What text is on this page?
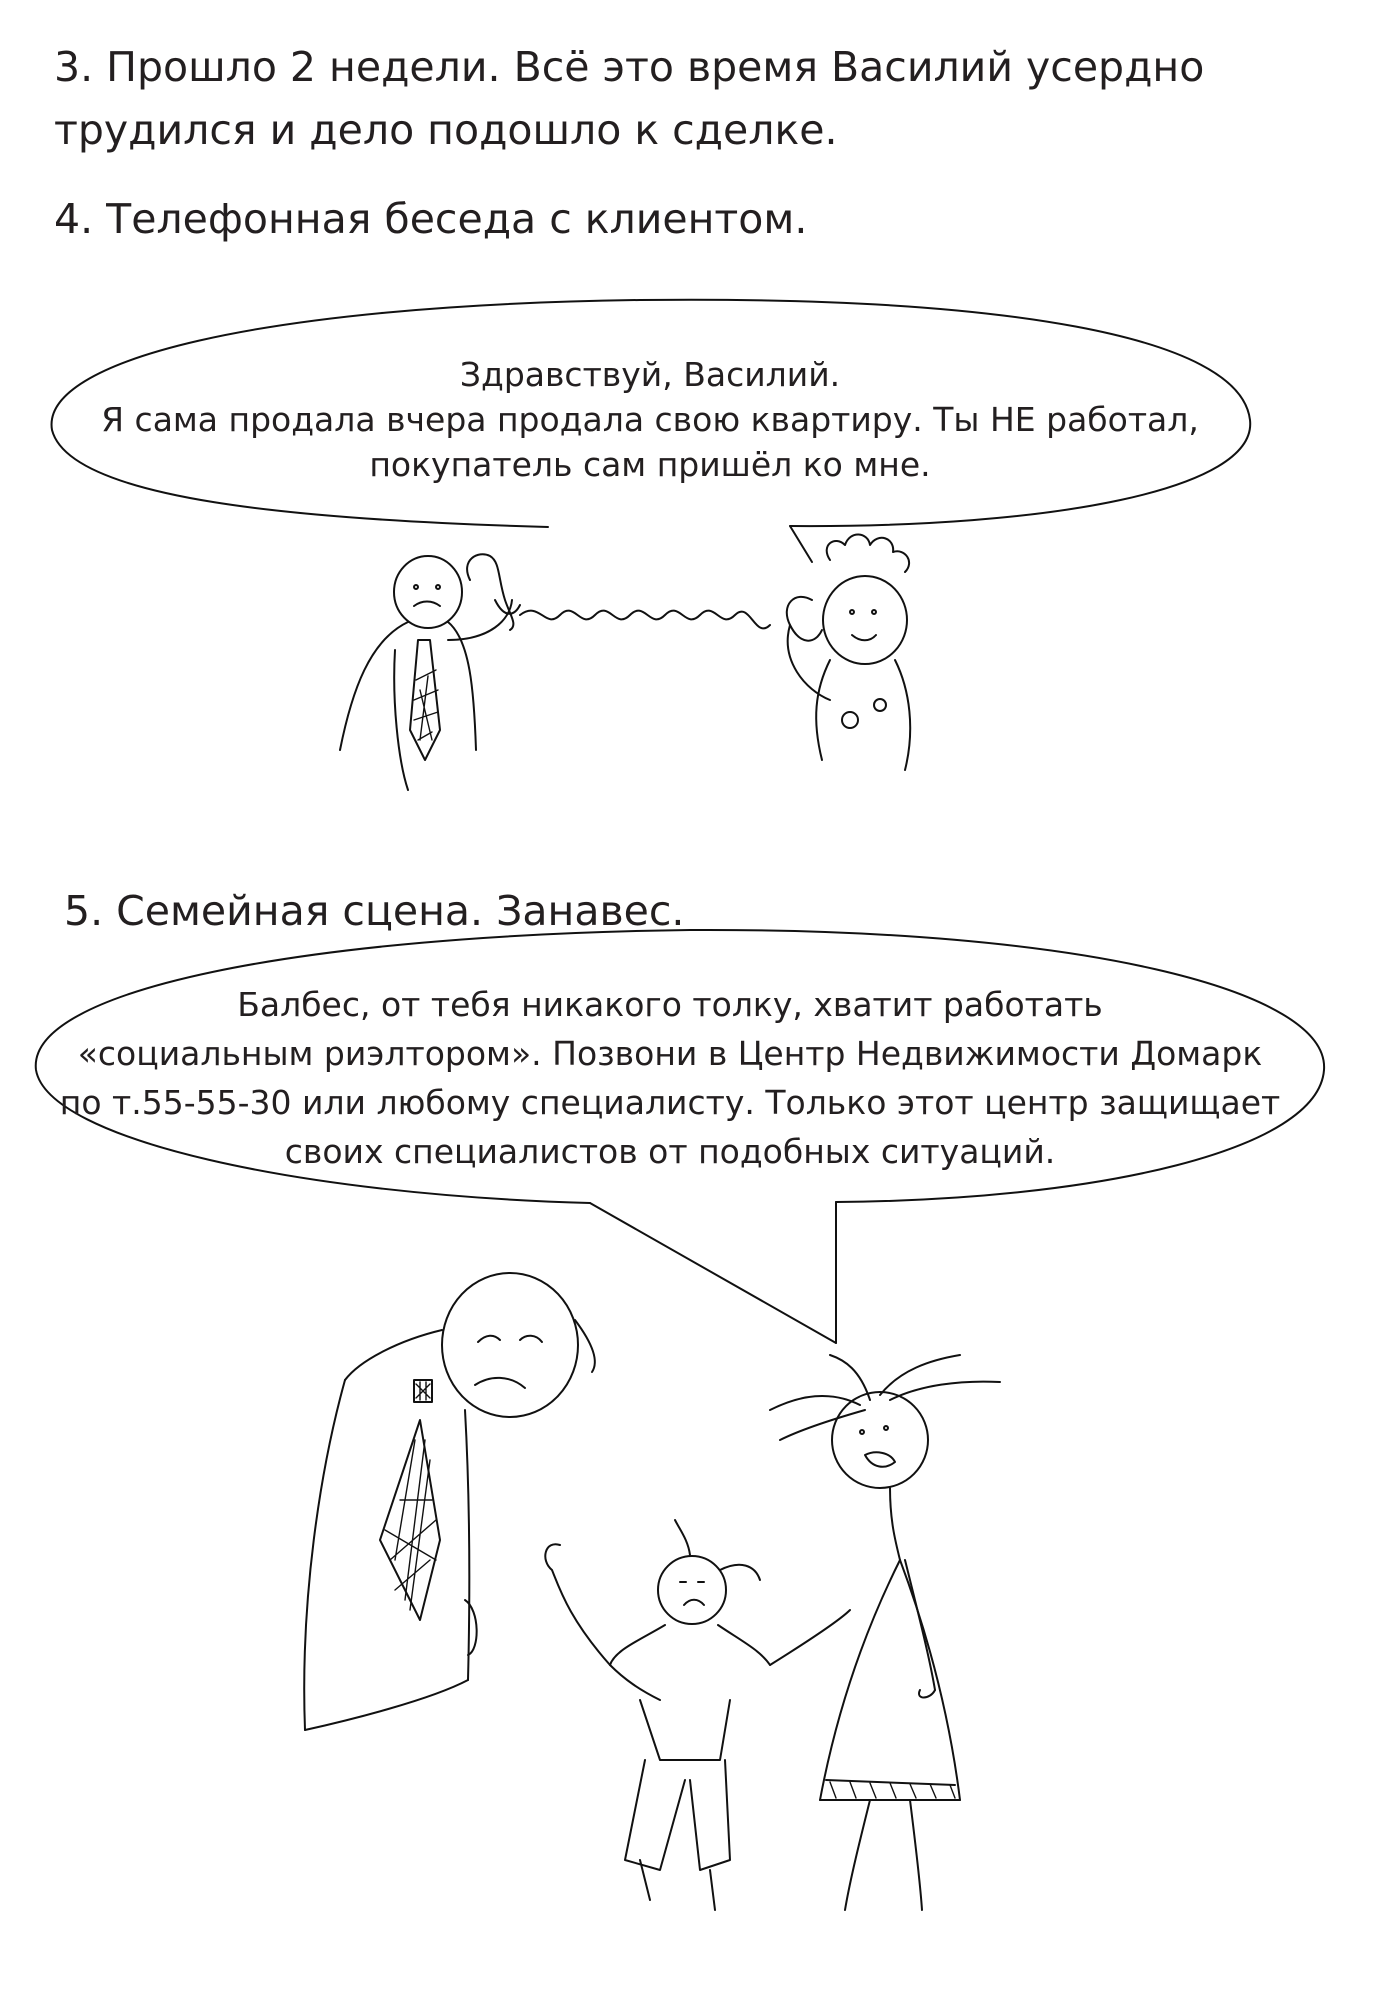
3. Прошло 2 недели. Всё это время Василий усердно трудился и дело подошло к сделке.
4. Телефонная беседа с клиентом.
Здравствуй, Василий.
Я сама продала вчера продала свою квартиру. Ты НЕ работал,
покупатель сам пришёл ко мне.
5. Семейная сцена. Занавес.
Балбес, от тебя никакого толку, хватит работать
«социальным риэлтором». Позвони в Центр Недвижимости Домарк
по т.55-55-30 или любому специалисту. Только этот центр защищает
своих специалистов от подобных ситуаций.
